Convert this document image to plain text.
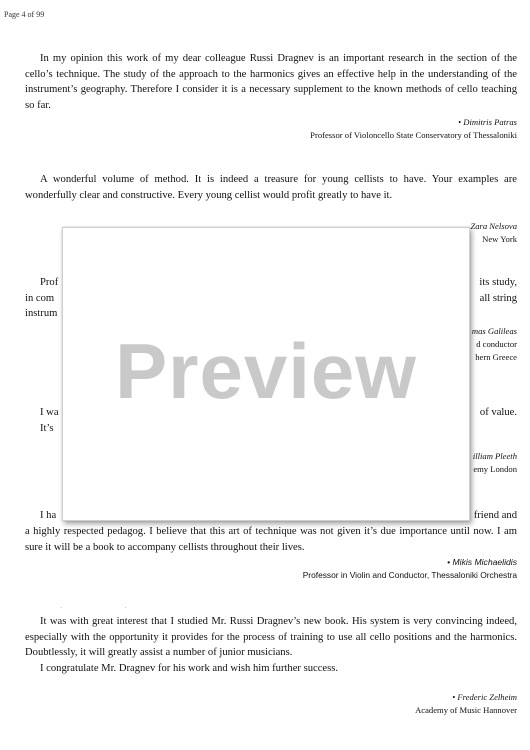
Page 4 of 99

In my opinion this work of my dear colleague Russi Dragnev is an important research in the section of the cello’s technique. The study of the approach to the harmonics gives an effective help in the understanding of the instrument’s geography. Therefore I consider it is a necessary supplement to the known methods of cello teaching so far.

• Dimitris Patras
Professor of Violoncello State Conservatory of Thessaloniki

A wonderful volume of method. It is indeed a treasure for young cellists to have. Your examples are wonderfully clear and constructive. Every young cellist would profit greatly to have it.

Zara Nelsova
New York
Prof	its study,
in com	all string
instrum
mas Galileas
d conductor
hern Greece
I wa	of value.
It’s
illiam Pleeth
emy London
I ha	friend and

a highly respected pedagog. I believe that this art of technique was not given it’s due importance until now. I am sure it will be a book to accompany cellists throughout their lives.

• Mikis Michaelidis
Professor in Violin and Conductor, Thessaloniki Orchestra
· ·

It was with great interest that I studied Mr. Russi Dragnev’s new book. His system is very convincing indeed, especially with the opportunity it provides for the process of training to use all cello positions and the harmonics. Doubtlessly, it will greatly assist a number of junior musicians.

I congratulate Mr. Dragnev for his work and wish him further success.

• Frederic Zelheim
Academy of Music Hannover
Preview
